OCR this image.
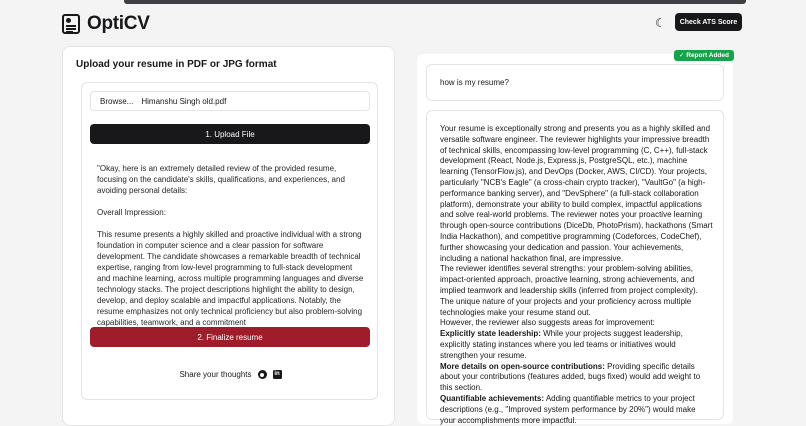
OptiCV	☾	Check ATS Score
Upload your resume in PDF or JPG format
Browse... Himanshu Singh old.pdf
1. Upload File

"Okay, here is an extremely detailed review of the provided resume, focusing on the candidate's skills, qualifications, and experiences, and avoiding personal details:

Overall Impression:

This resume presents a highly skilled and proactive individual with a strong foundation in computer science and a clear passion for software development. The candidate showcases a remarkable breadth of technical expertise, ranging from low-level programming to full-stack development and machine learning, across multiple programming languages and diverse technology stacks. The project descriptions highlight the ability to design, develop, and deploy scalable and impactful applications. Notably, the resume emphasizes not only technical proficiency but also problem-solving capabilities, teamwork, and a commitment

2. Finalize resume
Share your thoughts	in
✓ Report Added
how is my resume?
Your resume is exceptionally strong and presents you as a highly skilled and versatile software engineer. The reviewer highlights your impressive breadth of technical skills, encompassing low-level programming (C, C++), full-stack development (React, Node.js, Express.js, PostgreSQL, etc.), machine learning (TensorFlow.js), and DevOps (Docker, AWS, CI/CD). Your projects, particularly "NCB's Eagle" (a cross-chain crypto tracker), "VaultGo" (a high-performance banking server), and "DevSphere" (a full-stack collaboration platform), demonstrate your ability to build complex, impactful applications and solve real-world problems. The reviewer notes your proactive learning through open-source contributions (DiceDb, PhotoPrism), hackathons (Smart India Hackathon), and competitive programming (Codeforces, CodeChef), further showcasing your dedication and passion. Your achievements, including a national hackathon final, are impressive.
The reviewer identifies several strengths: your problem-solving abilities, impact-oriented approach, proactive learning, strong achievements, and implied teamwork and leadership skills (inferred from project complexity). The unique nature of your projects and your proficiency across multiple technologies make your resume stand out.
However, the reviewer also suggests areas for improvement:
Explicitly state leadership: While your projects suggest leadership, explicitly stating instances where you led teams or initiatives would strengthen your resume.
More details on open-source contributions: Providing specific details about your contributions (features added, bugs fixed) would add weight to this section.
Quantifiable achievements: Adding quantifiable metrics to your project descriptions (e.g., "Improved system performance by 20%") would make your accomplishments more impactful.
